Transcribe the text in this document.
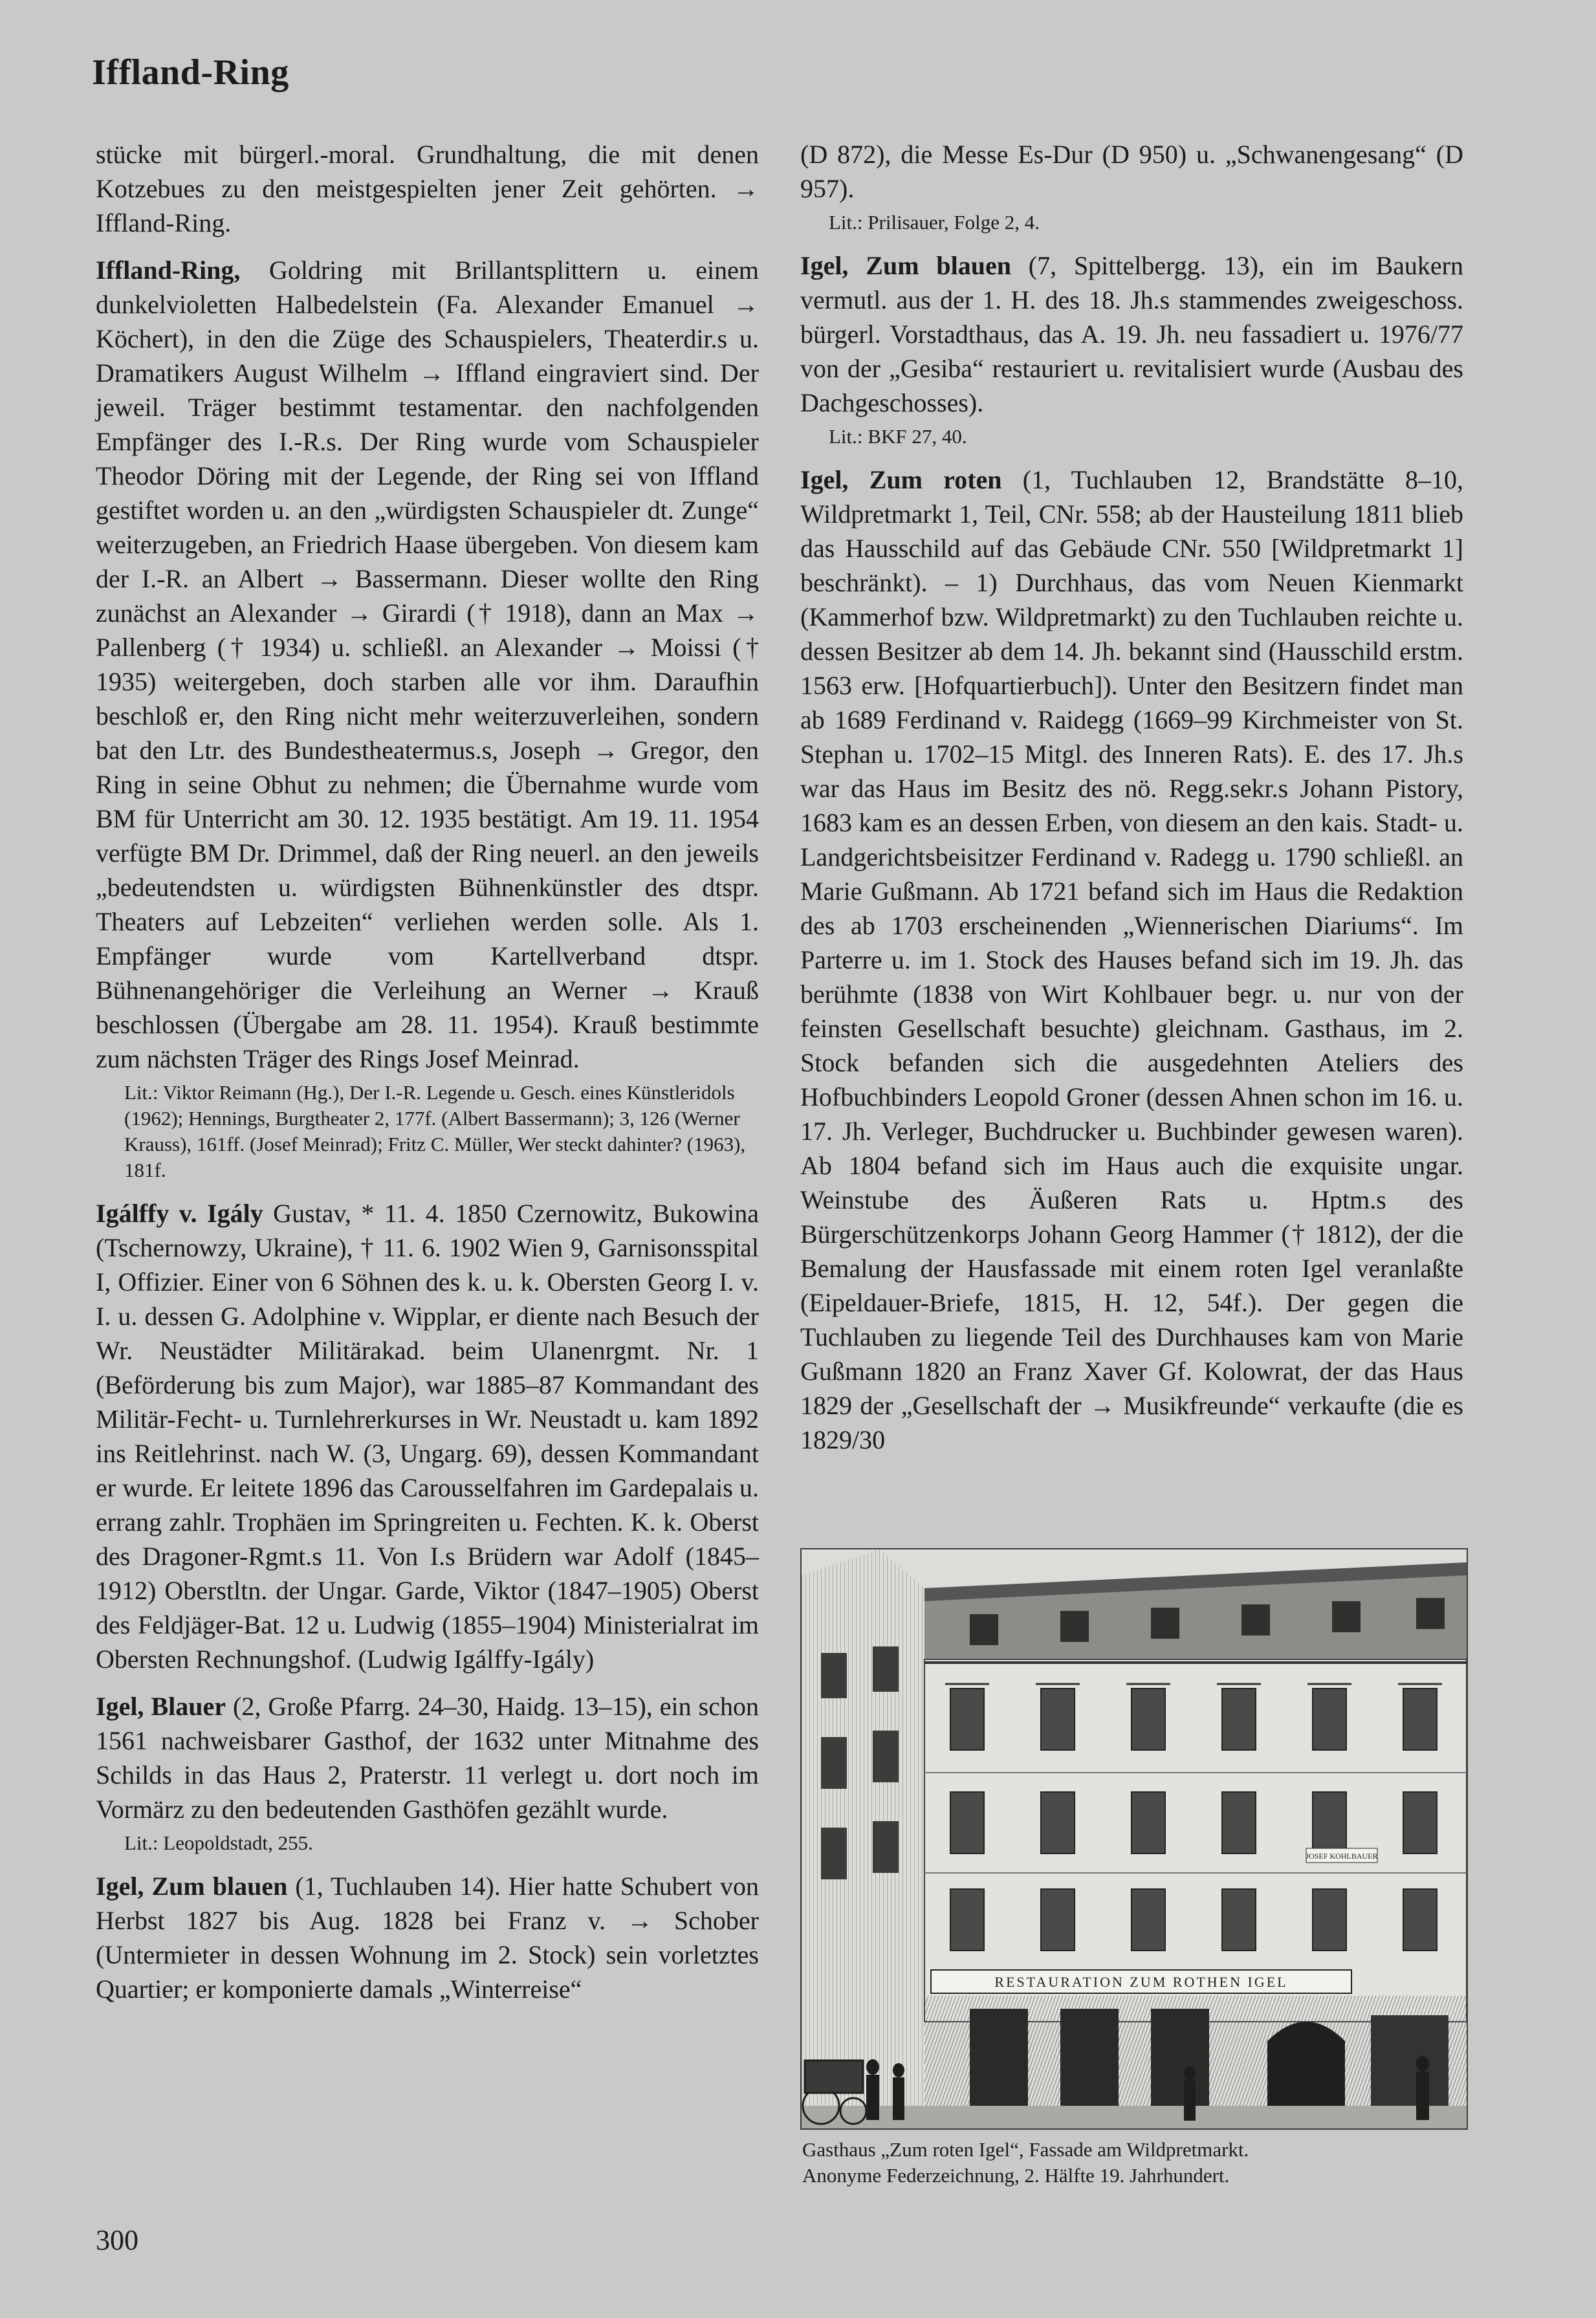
Iffland-Ring

stücke mit bürgerl.-moral. Grundhaltung, die mit denen Kotzebues zu den meistgespielten jener Zeit gehörten. → Iffland-Ring.

Iffland-Ring, Goldring mit Brillantsplittern u. einem dunkelvioletten Halbedelstein (Fa. Alexander Emanuel → Köchert), in den die Züge des Schauspielers, Theaterdir.s u. Dramatikers August Wilhelm → Iffland eingraviert sind. Der jeweil. Träger bestimmt testamentar. den nachfolgenden Empfänger des I.-R.s. Der Ring wurde vom Schauspieler Theodor Döring mit der Legende, der Ring sei von Iffland gestiftet worden u. an den „würdigsten Schauspieler dt. Zunge“ weiterzugeben, an Friedrich Haase übergeben. Von diesem kam der I.-R. an Albert → Bassermann. Dieser wollte den Ring zunächst an Alexander → Girardi († 1918), dann an Max → Pallenberg († 1934) u. schließl. an Alexander → Moissi († 1935) weitergeben, doch starben alle vor ihm. Daraufhin beschloß er, den Ring nicht mehr weiterzuverleihen, sondern bat den Ltr. des Bundestheatermus.s, Joseph → Gregor, den Ring in seine Obhut zu nehmen; die Übernahme wurde vom BM für Unterricht am 30. 12. 1935 bestätigt. Am 19. 11. 1954 verfügte BM Dr. Drimmel, daß der Ring neuerl. an den jeweils „bedeutendsten u. würdigsten Bühnenkünstler des dtspr. Theaters auf Lebzeiten“ verliehen werden solle. Als 1. Empfänger wurde vom Kartellverband dtspr. Bühnenangehöriger die Verleihung an Werner → Krauß beschlossen (Übergabe am 28. 11. 1954). Krauß bestimmte zum nächsten Träger des Rings Josef Meinrad.

Lit.: Viktor Reimann (Hg.), Der I.-R. Legende u. Gesch. eines Künstleridols (1962); Hennings, Burgtheater 2, 177f. (Albert Bassermann); 3, 126 (Werner Krauss), 161ff. (Josef Meinrad); Fritz C. Müller, Wer steckt dahinter? (1963), 181f.

Igálffy v. Igály Gustav, * 11. 4. 1850 Czernowitz, Bukowina (Tschernowzy, Ukraine), † 11. 6. 1902 Wien 9, Garnisonsspital I, Offizier. Einer von 6 Söhnen des k. u. k. Obersten Georg I. v. I. u. dessen G. Adolphine v. Wipplar, er diente nach Besuch der Wr. Neustädter Militärakad. beim Ulanenrgmt. Nr. 1 (Beförderung bis zum Major), war 1885–87 Kommandant des Militär-Fecht- u. Turnlehrerkurses in Wr. Neustadt u. kam 1892 ins Reitlehrinst. nach W. (3, Ungarg. 69), dessen Kommandant er wurde. Er leitete 1896 das Carousselfahren im Gardepalais u. errang zahlr. Trophäen im Springreiten u. Fechten. K. k. Oberst des Dragoner-Rgmt.s 11. Von I.s Brüdern war Adolf (1845–1912) Oberstltn. der Ungar. Garde, Viktor (1847–1905) Oberst des Feldjäger-Bat. 12 u. Ludwig (1855–1904) Ministerialrat im Obersten Rechnungshof. (Ludwig Igálffy-Igály)

Igel, Blauer (2, Große Pfarrg. 24–30, Haidg. 13–15), ein schon 1561 nachweisbarer Gasthof, der 1632 unter Mitnahme des Schilds in das Haus 2, Praterstr. 11 verlegt u. dort noch im Vormärz zu den bedeutenden Gasthöfen gezählt wurde.

Lit.: Leopoldstadt, 255.

Igel, Zum blauen (1, Tuchlauben 14). Hier hatte Schubert von Herbst 1827 bis Aug. 1828 bei Franz v. → Schober (Untermieter in dessen Wohnung im 2. Stock) sein vorletztes Quartier; er komponierte damals „Winterreise“

(D 872), die Messe Es-Dur (D 950) u. „Schwanengesang“ (D 957).

Lit.: Prilisauer, Folge 2, 4.

Igel, Zum blauen (7, Spittelbergg. 13), ein im Baukern vermutl. aus der 1. H. des 18. Jh.s stammendes zweigeschoss. bürgerl. Vorstadthaus, das A. 19. Jh. neu fassadiert u. 1976/77 von der „Gesiba“ restauriert u. revitalisiert wurde (Ausbau des Dachgeschosses).

Lit.: BKF 27, 40.

Igel, Zum roten (1, Tuchlauben 12, Brandstätte 8–10, Wildpretmarkt 1, Teil, CNr. 558; ab der Hausteilung 1811 blieb das Hausschild auf das Gebäude CNr. 550 [Wildpretmarkt 1] beschränkt). – 1) Durchhaus, das vom Neuen Kienmarkt (Kammerhof bzw. Wildpretmarkt) zu den Tuchlauben reichte u. dessen Besitzer ab dem 14. Jh. bekannt sind (Hausschild erstm. 1563 erw. [Hofquartierbuch]). Unter den Besitzern findet man ab 1689 Ferdinand v. Raidegg (1669–99 Kirchmeister von St. Stephan u. 1702–15 Mitgl. des Inneren Rats). E. des 17. Jh.s war das Haus im Besitz des nö. Regg.sekr.s Johann Pistory, 1683 kam es an dessen Erben, von diesem an den kais. Stadt- u. Landgerichtsbeisitzer Ferdinand v. Radegg u. 1790 schließl. an Marie Gußmann. Ab 1721 befand sich im Haus die Redaktion des ab 1703 erscheinenden „Wiennerischen Diariums“. Im Parterre u. im 1. Stock des Hauses befand sich im 19. Jh. das berühmte (1838 von Wirt Kohlbauer begr. u. nur von der feinsten Gesellschaft besuchte) gleichnam. Gasthaus, im 2. Stock befanden sich die ausgedehnten Ateliers des Hofbuchbinders Leopold Groner (dessen Ahnen schon im 16. u. 17. Jh. Verleger, Buchdrucker u. Buchbinder gewesen waren). Ab 1804 befand sich im Haus auch die exquisite ungar. Weinstube des Äußeren Rats u. Hptm.s des Bürgerschützenkorps Johann Georg Hammer († 1812), der die Bemalung der Hausfassade mit einem roten Igel veranlaßte (Eipeldauer-Briefe, 1815, H. 12, 54f.). Der gegen die Tuchlauben zu liegende Teil des Durchhauses kam von Marie Gußmann 1820 an Franz Xaver Gf. Kolowrat, der das Haus 1829 der „Gesellschaft der → Musikfreunde“ verkaufte (die es 1829/30

RESTAURATION ZUM ROTHEN IGEL
JOSEF KOHLBAUER
Gasthaus „Zum roten Igel“, Fassade am Wildpretmarkt.
Anonyme Federzeichnung, 2. Hälfte 19. Jahrhundert.
300
